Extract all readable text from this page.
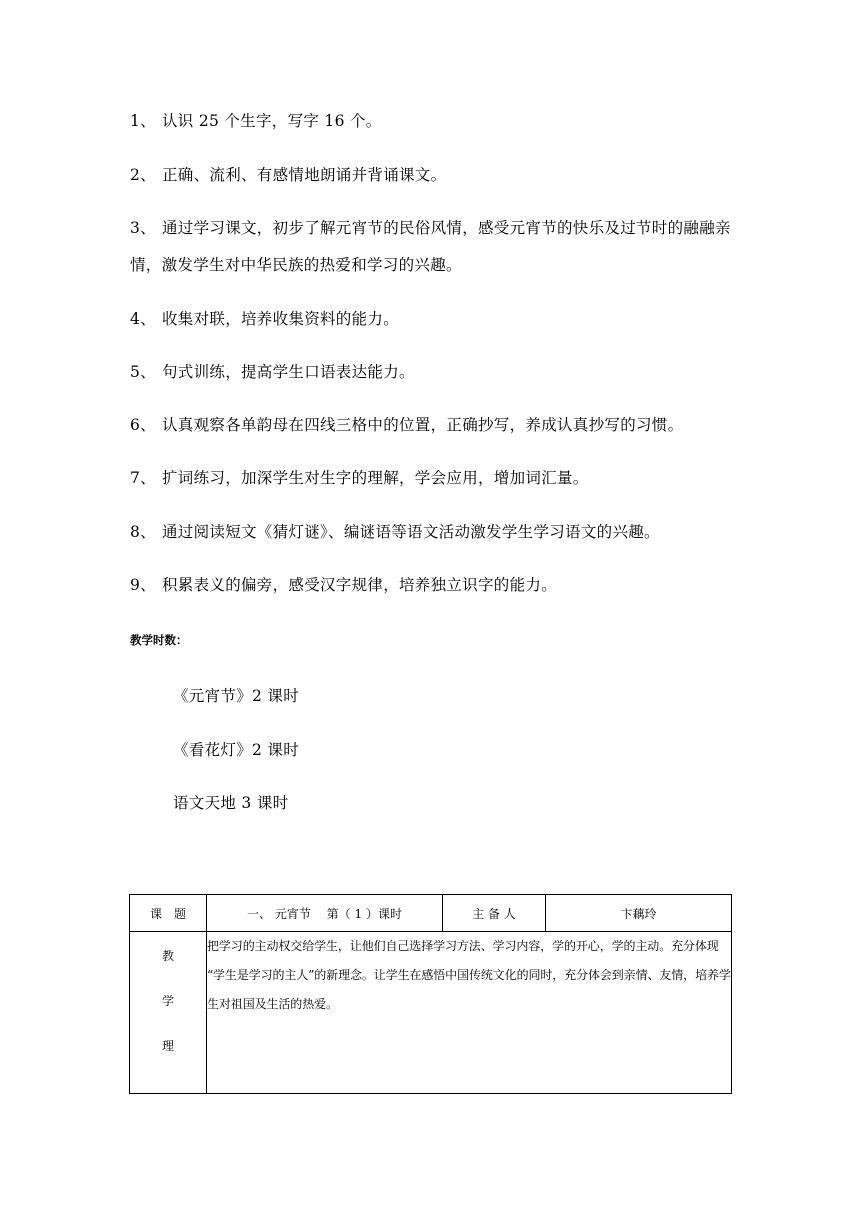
1、 认识 25 个生字，写字 16 个。
2、 正确、流利、有感情地朗诵并背诵课文。
3、 通过学习课文，初步了解元宵节的民俗风情，感受元宵节的快乐及过节时的融融亲情，激发学生对中华民族的热爱和学习的兴趣。
4、 收集对联，培养收集资料的能力。
5、 句式训练，提高学生口语表达能力。
6、 认真观察各单韵母在四线三格中的位置，正确抄写，养成认真抄写的习惯。
7、 扩词练习，加深学生对生字的理解，学会应用，增加词汇量。
8、 通过阅读短文《猜灯谜》、编谜语等语文活动激发学生学习语文的兴趣。
9、 积累表义的偏旁，感受汉字规律，培养独立识字的能力。
教学时数：
《元宵节》2 课时
《看花灯》2 课时
语文天地 3 课时
课　题	一、 元宵节　 第（ 1 ）课时	主 备 人	卞藕玲

教
学
理	把学习的主动权交给学生，让他们自己选择学习方法、学习内容，学的开心，学的主动。充分体现 “学生是学习的主人”的新理念。让学生在感悟中国传统文化的同时，充分体会到亲情、友情，培养学生对祖国及生活的热爱。		
